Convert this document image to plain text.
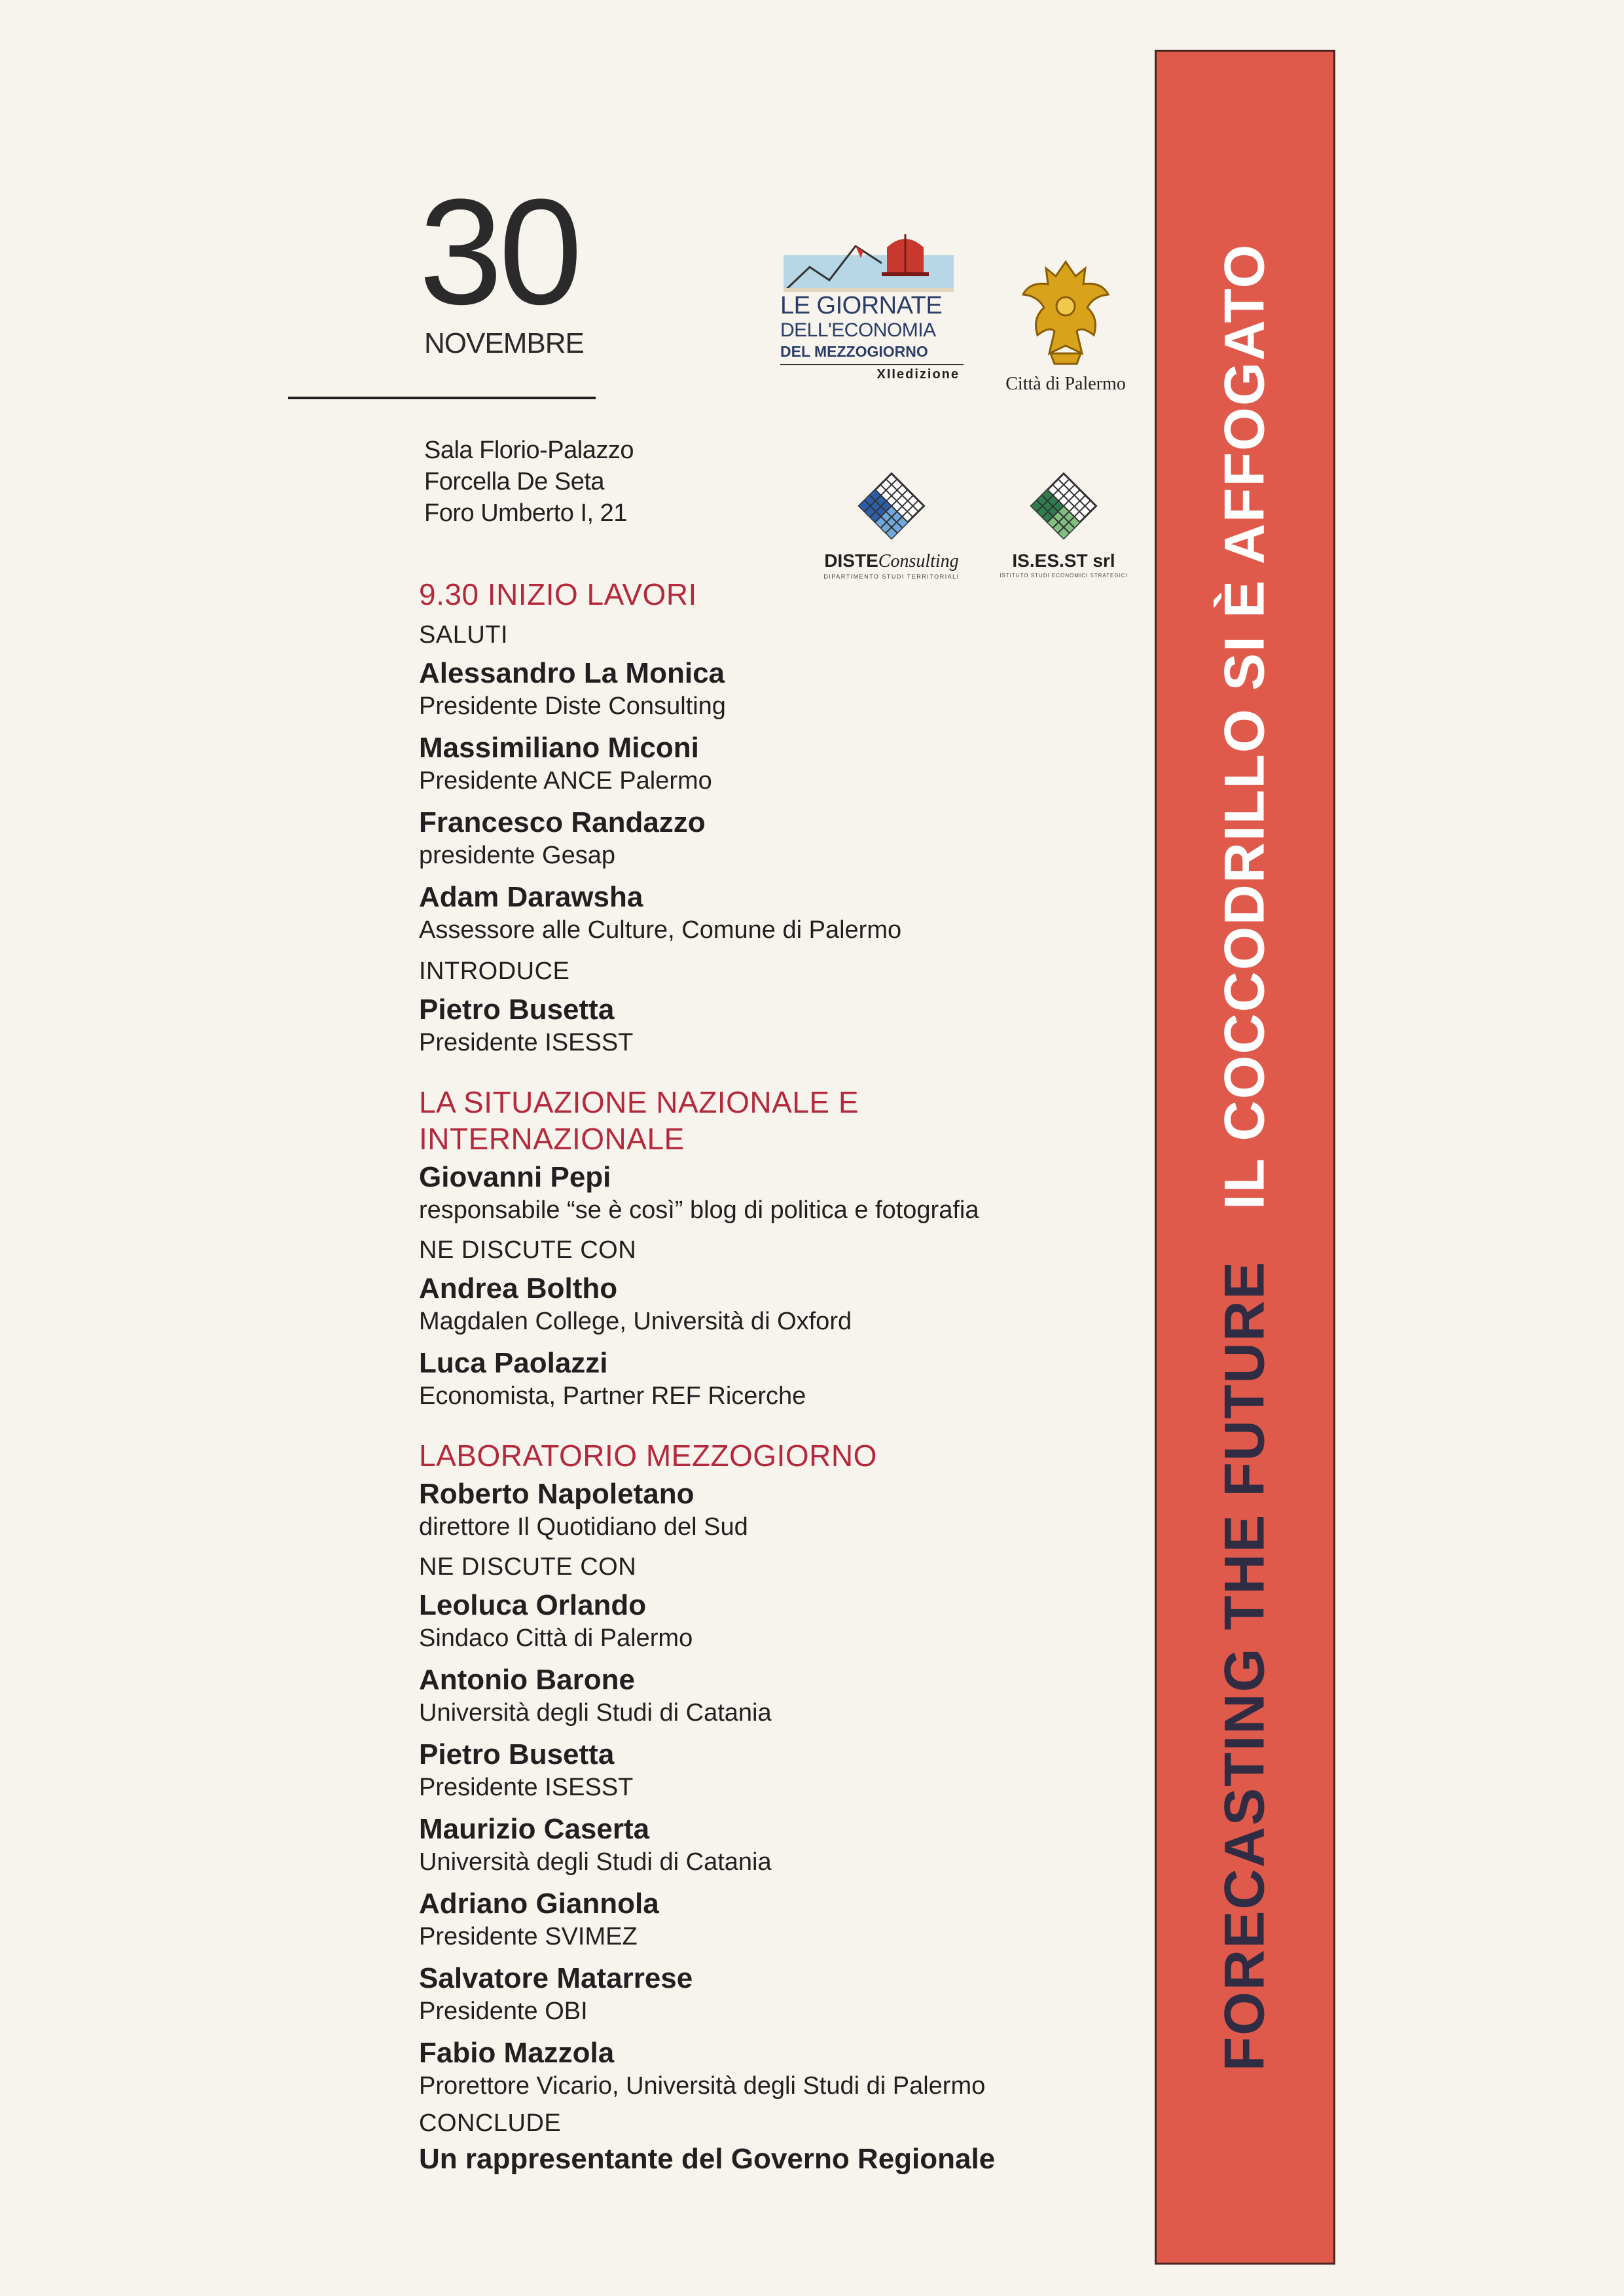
30
NOVEMBRE
Sala Florio-Palazzo
Forcella De Seta
Foro Umberto I, 21
LE GIORNATE
DELL'ECONOMIA
DEL MEZZOGIORNO
XIIedizione	Città di Palermo
DISTEConsulting
DIPARTIMENTO STUDI TERRITORIALI
IS.ES.ST srl
ISTITUTO STUDI ECONOMICI STRATEGICI
9.30 INIZIO LAVORI
SALUTI
Alessandro La Monica
Presidente Diste Consulting
Massimiliano Miconi
Presidente ANCE Palermo
Francesco Randazzo
presidente Gesap
Adam Darawsha
Assessore alle Culture, Comune di Palermo
INTRODUCE
Pietro Busetta
Presidente ISESST
LA SITUAZIONE NAZIONALE E
INTERNAZIONALE
Giovanni Pepi
responsabile “se è così” blog di politica e fotografia
NE DISCUTE CON
Andrea Boltho
Magdalen College, Università di Oxford
Luca Paolazzi
Economista, Partner REF Ricerche
LABORATORIO MEZZOGIORNO
Roberto Napoletano
direttore Il Quotidiano del Sud
NE DISCUTE CON
Leoluca Orlando
Sindaco Città di Palermo
Antonio Barone
Università degli Studi di Catania
Pietro Busetta
Presidente ISESST
Maurizio Caserta
Università degli Studi di Catania
Adriano Giannola
Presidente SVIMEZ
Salvatore Matarrese
Presidente OBI
Fabio Mazzola
Prorettore Vicario, Università degli Studi di Palermo
CONCLUDE
Un rappresentante del Governo Regionale
FORECASTING THE FUTURE   IL COCCODRILLO SI È AFFOGATO
